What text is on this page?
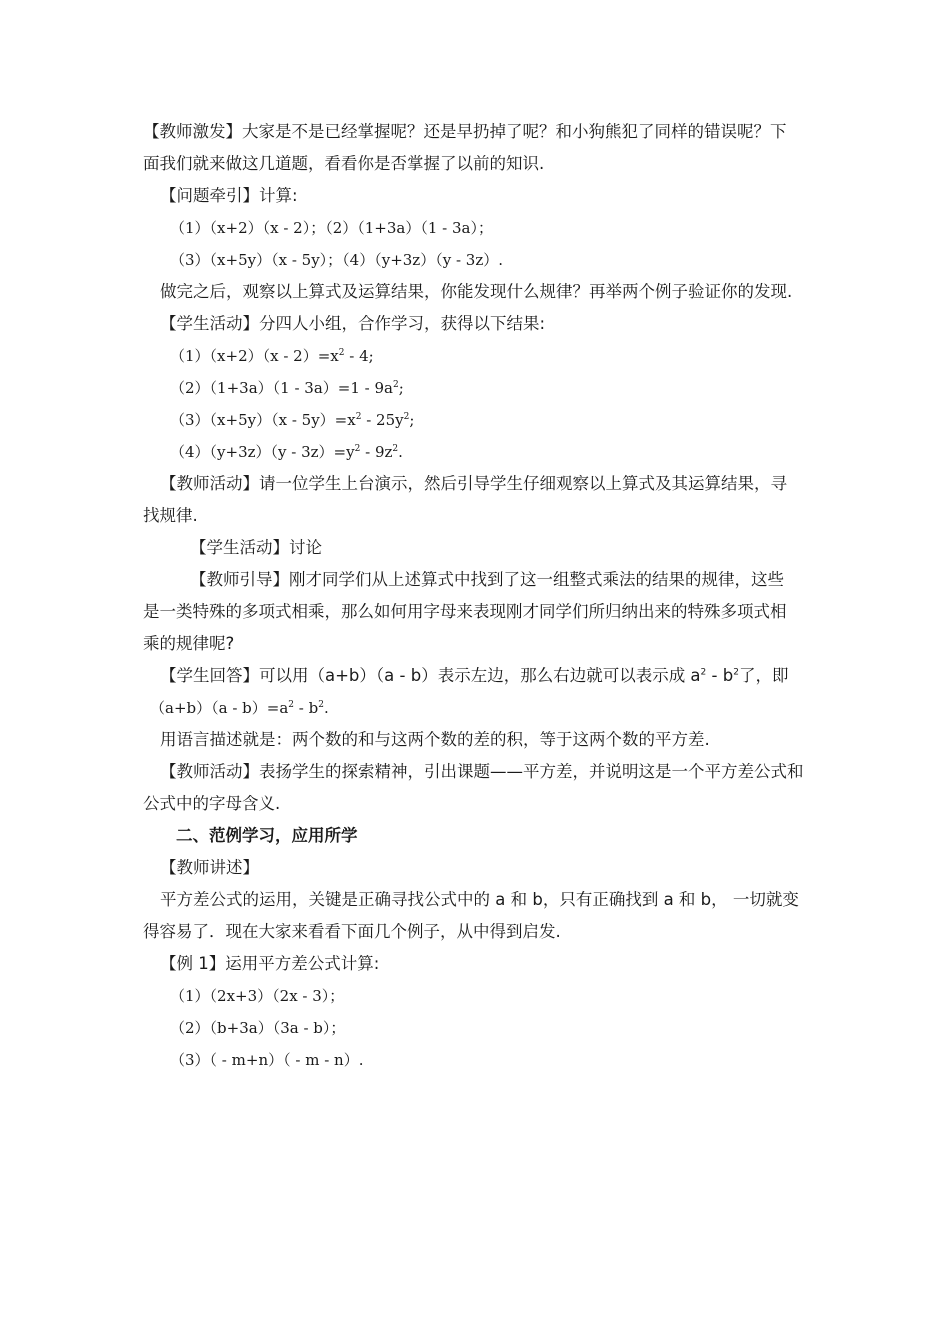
【教师激发】大家是不是已经掌握呢？还是早扔掉了呢？和小狗熊犯了同样的错误呢？下
面我们就来做这几道题，看看你是否掌握了以前的知识.
【问题牵引】计算:
（1）（x+2）（x - 2）；（2）（1+3a）（1 - 3a）；
（3）（x+5y）（x - 5y）；（4）（y+3z）（y - 3z）.
做完之后，观察以上算式及运算结果，你能发现什么规律？再举两个例子验证你的发现.
【学生活动】分四人小组，合作学习，获得以下结果:
$(1)(x+2)(x - 2)=x^2 - 4$;
$(2)(1+3a)(1 - 3a)=1 - 9a^2$;
$(3)(x+5y)(x - 5y)=x^2 - 25y^2$;
$(4)(y+3z)(y - 3z)=y^2 - 9z^2$.
【教师活动】请一位学生上台演示，然后引导学生仔细观察以上算式及其运算结果，寻
找规律.
【学生活动】讨论
【教师引导】刚才同学们从上述算式中找到了这一组整式乘法的结果的规律，这些
是一类特殊的多项式相乘，那么如何用字母来表现刚才同学们所归纳出来的特殊多项式相
乘的规律呢?
【学生回答】可以用（a+b）（a - b）表示左边，那么右边就可以表示成 $a^2 - b^2$了，即
$(a+b)(a - b)=a^2 - b^2$.
用语言描述就是：两个数的和与这两个数的差的积，等于这两个数的平方差.
【教师活动】表扬学生的探索精神，引出课题——平方差，并说明这是一个平方差公式和
公式中的字母含义.
二、范例学习，应用所学
【教师讲述】
平方差公式的运用，关键是正确寻找公式中的 a 和 b，只有正确找到 a 和 b， 一切就变
得容易了．现在大家来看看下面几个例子，从中得到启发.
【例 1】运用平方差公式计算:
（1）（2x+3）（2x - 3）；
（2）（b+3a）（3a - b）；
（3）（ - m+n）（ - m - n）.
